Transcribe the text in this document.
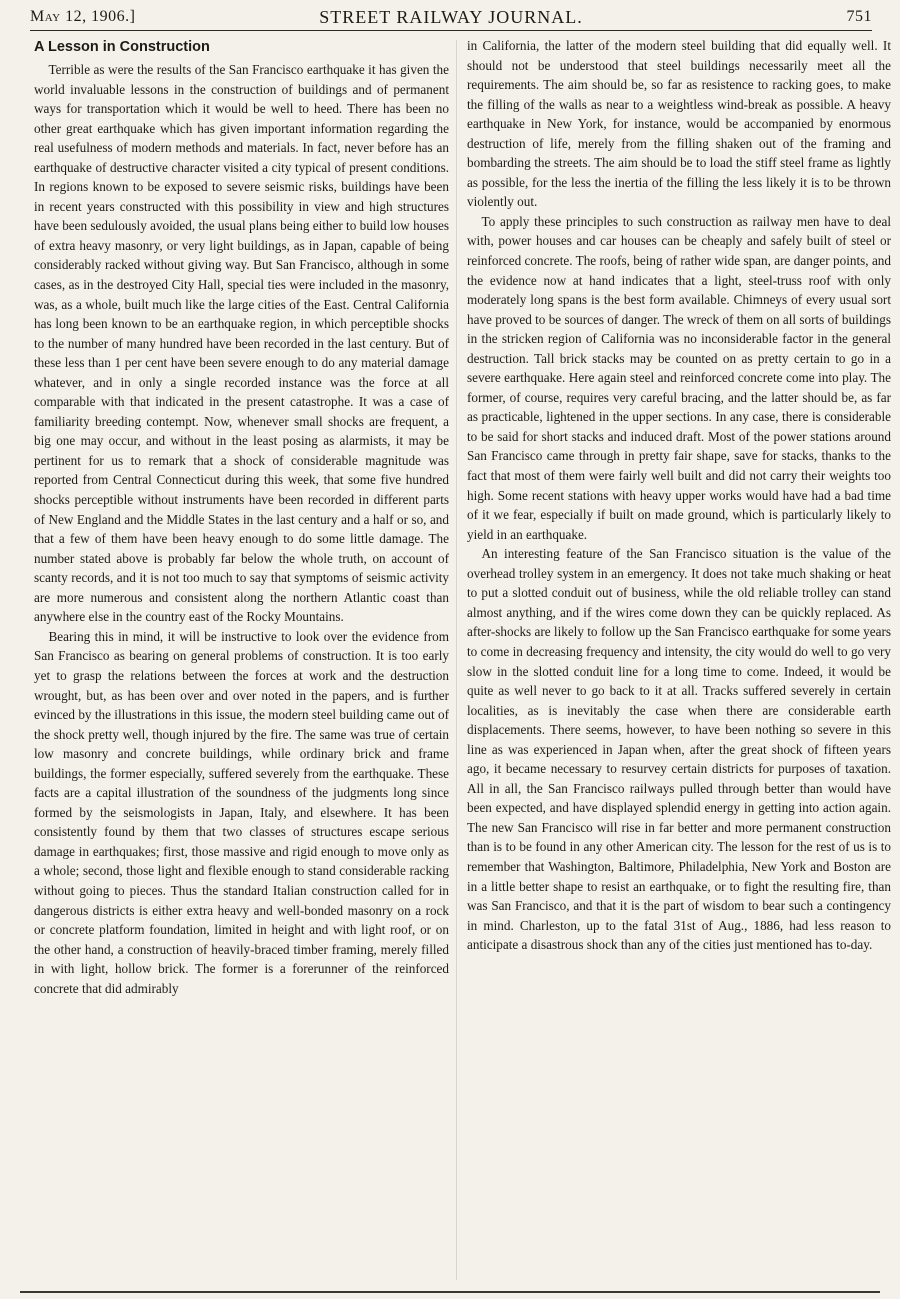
May 12, 1906.]	STREET RAILWAY JOURNAL.	751
A Lesson in Construction

Terrible as were the results of the San Francisco earthquake it has given the world invaluable lessons in the construction of buildings and of permanent ways for transportation which it would be well to heed. There has been no other great earthquake which has given important information regarding the real usefulness of modern methods and materials. In fact, never before has an earthquake of destructive character visited a city typical of present conditions. In regions known to be exposed to severe seismic risks, buildings have been in recent years constructed with this possibility in view and high structures have been sedulously avoided, the usual plans being either to build low houses of extra heavy masonry, or very light buildings, as in Japan, capable of being considerably racked without giving way. But San Francisco, although in some cases, as in the destroyed City Hall, special ties were included in the masonry, was, as a whole, built much like the large cities of the East. Central California has long been known to be an earthquake region, in which perceptible shocks to the number of many hundred have been recorded in the last century. But of these less than 1 per cent have been severe enough to do any material damage whatever, and in only a single recorded instance was the force at all comparable with that indicated in the present catastrophe. It was a case of familiarity breeding contempt. Now, whenever small shocks are frequent, a big one may occur, and without in the least posing as alarmists, it may be pertinent for us to remark that a shock of considerable magnitude was reported from Central Connecticut during this week, that some five hundred shocks perceptible without instruments have been recorded in different parts of New England and the Middle States in the last century and a half or so, and that a few of them have been heavy enough to do some little damage. The number stated above is probably far below the whole truth, on account of scanty records, and it is not too much to say that symptoms of seismic activity are more numerous and consistent along the northern Atlantic coast than anywhere else in the country east of the Rocky Mountains.

Bearing this in mind, it will be instructive to look over the evidence from San Francisco as bearing on general problems of construction. It is too early yet to grasp the relations between the forces at work and the destruction wrought, but, as has been over and over noted in the papers, and is further evinced by the illustrations in this issue, the modern steel building came out of the shock pretty well, though injured by the fire. The same was true of certain low masonry and concrete buildings, while ordinary brick and frame buildings, the former especially, suffered severely from the earthquake. These facts are a capital illustration of the soundness of the judgments long since formed by the seismologists in Japan, Italy, and elsewhere. It has been consistently found by them that two classes of structures escape serious damage in earthquakes; first, those massive and rigid enough to move only as a whole; second, those light and flexible enough to stand considerable racking without going to pieces. Thus the standard Italian construction called for in dangerous districts is either extra heavy and well-bonded masonry on a rock or concrete platform foundation, limited in height and with light roof, or on the other hand, a construction of heavily-braced timber framing, merely filled in with light, hollow brick. The former is a forerunner of the reinforced concrete that did admirably

in California, the latter of the modern steel building that did equally well. It should not be understood that steel buildings necessarily meet all the requirements. The aim should be, so far as resistence to racking goes, to make the filling of the walls as near to a weightless wind-break as possible. A heavy earthquake in New York, for instance, would be accompanied by enormous destruction of life, merely from the filling shaken out of the framing and bombarding the streets. The aim should be to load the stiff steel frame as lightly as possible, for the less the inertia of the filling the less likely it is to be thrown violently out.

To apply these principles to such construction as railway men have to deal with, power houses and car houses can be cheaply and safely built of steel or reinforced concrete. The roofs, being of rather wide span, are danger points, and the evidence now at hand indicates that a light, steel-truss roof with only moderately long spans is the best form available. Chimneys of every usual sort have proved to be sources of danger. The wreck of them on all sorts of buildings in the stricken region of California was no inconsiderable factor in the general destruction. Tall brick stacks may be counted on as pretty certain to go in a severe earthquake. Here again steel and reinforced concrete come into play. The former, of course, requires very careful bracing, and the latter should be, as far as practicable, lightened in the upper sections. In any case, there is considerable to be said for short stacks and induced draft. Most of the power stations around San Francisco came through in pretty fair shape, save for stacks, thanks to the fact that most of them were fairly well built and did not carry their weights too high. Some recent stations with heavy upper works would have had a bad time of it we fear, especially if built on made ground, which is particularly likely to yield in an earthquake.

An interesting feature of the San Francisco situation is the value of the overhead trolley system in an emergency. It does not take much shaking or heat to put a slotted conduit out of business, while the old reliable trolley can stand almost anything, and if the wires come down they can be quickly replaced. As after-shocks are likely to follow up the San Francisco earthquake for some years to come in decreasing frequency and intensity, the city would do well to go very slow in the slotted conduit line for a long time to come. Indeed, it would be quite as well never to go back to it at all. Tracks suffered severely in certain localities, as is inevitably the case when there are considerable earth displacements. There seems, however, to have been nothing so severe in this line as was experienced in Japan when, after the great shock of fifteen years ago, it became necessary to resurvey certain districts for purposes of taxation. All in all, the San Francisco railways pulled through better than would have been expected, and have displayed splendid energy in getting into action again. The new San Francisco will rise in far better and more permanent construction than is to be found in any other American city. The lesson for the rest of us is to remember that Washington, Baltimore, Philadelphia, New York and Boston are in a little better shape to resist an earthquake, or to fight the resulting fire, than was San Francisco, and that it is the part of wisdom to bear such a contingency in mind. Charleston, up to the fatal 31st of Aug., 1886, had less reason to anticipate a disastrous shock than any of the cities just mentioned has to-day.
